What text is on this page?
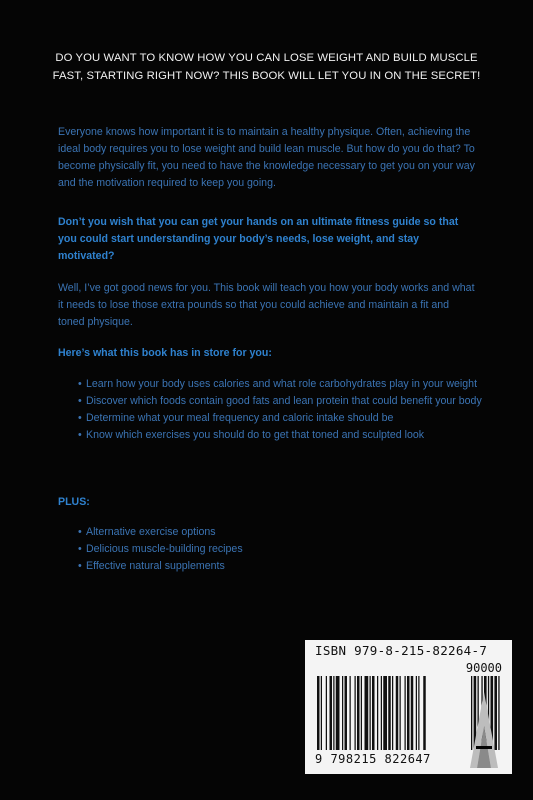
DO YOU WANT TO KNOW HOW YOU CAN LOSE WEIGHT AND BUILD MUSCLE FAST, STARTING RIGHT NOW? THIS BOOK WILL LET YOU IN ON THE SECRET!
Everyone knows how important it is to maintain a healthy physique. Often, achieving the ideal body requires you to lose weight and build lean muscle. But how do you do that? To become physically fit, you need to have the knowledge necessary to get you on your way and the motivation required to keep you going.
Don’t you wish that you can get your hands on an ultimate fitness guide so that you could start understanding your body’s needs, lose weight, and stay motivated?
Well, I’ve got good news for you. This book will teach you how your body works and what it needs to lose those extra pounds so that you could achieve and maintain a fit and toned physique.
Here’s what this book has in store for you:
• Learn how your body uses calories and what role carbohydrates play in your weight
• Discover which foods contain good fats and lean protein that could benefit your body
• Determine what your meal frequency and caloric intake should be
• Know which exercises you should do to get that toned and sculpted look
PLUS:
• Alternative exercise options
• Delicious muscle-building recipes
• Effective natural supplements
ISBN 979-8-215-82264-7
90000
9 798215 822647
